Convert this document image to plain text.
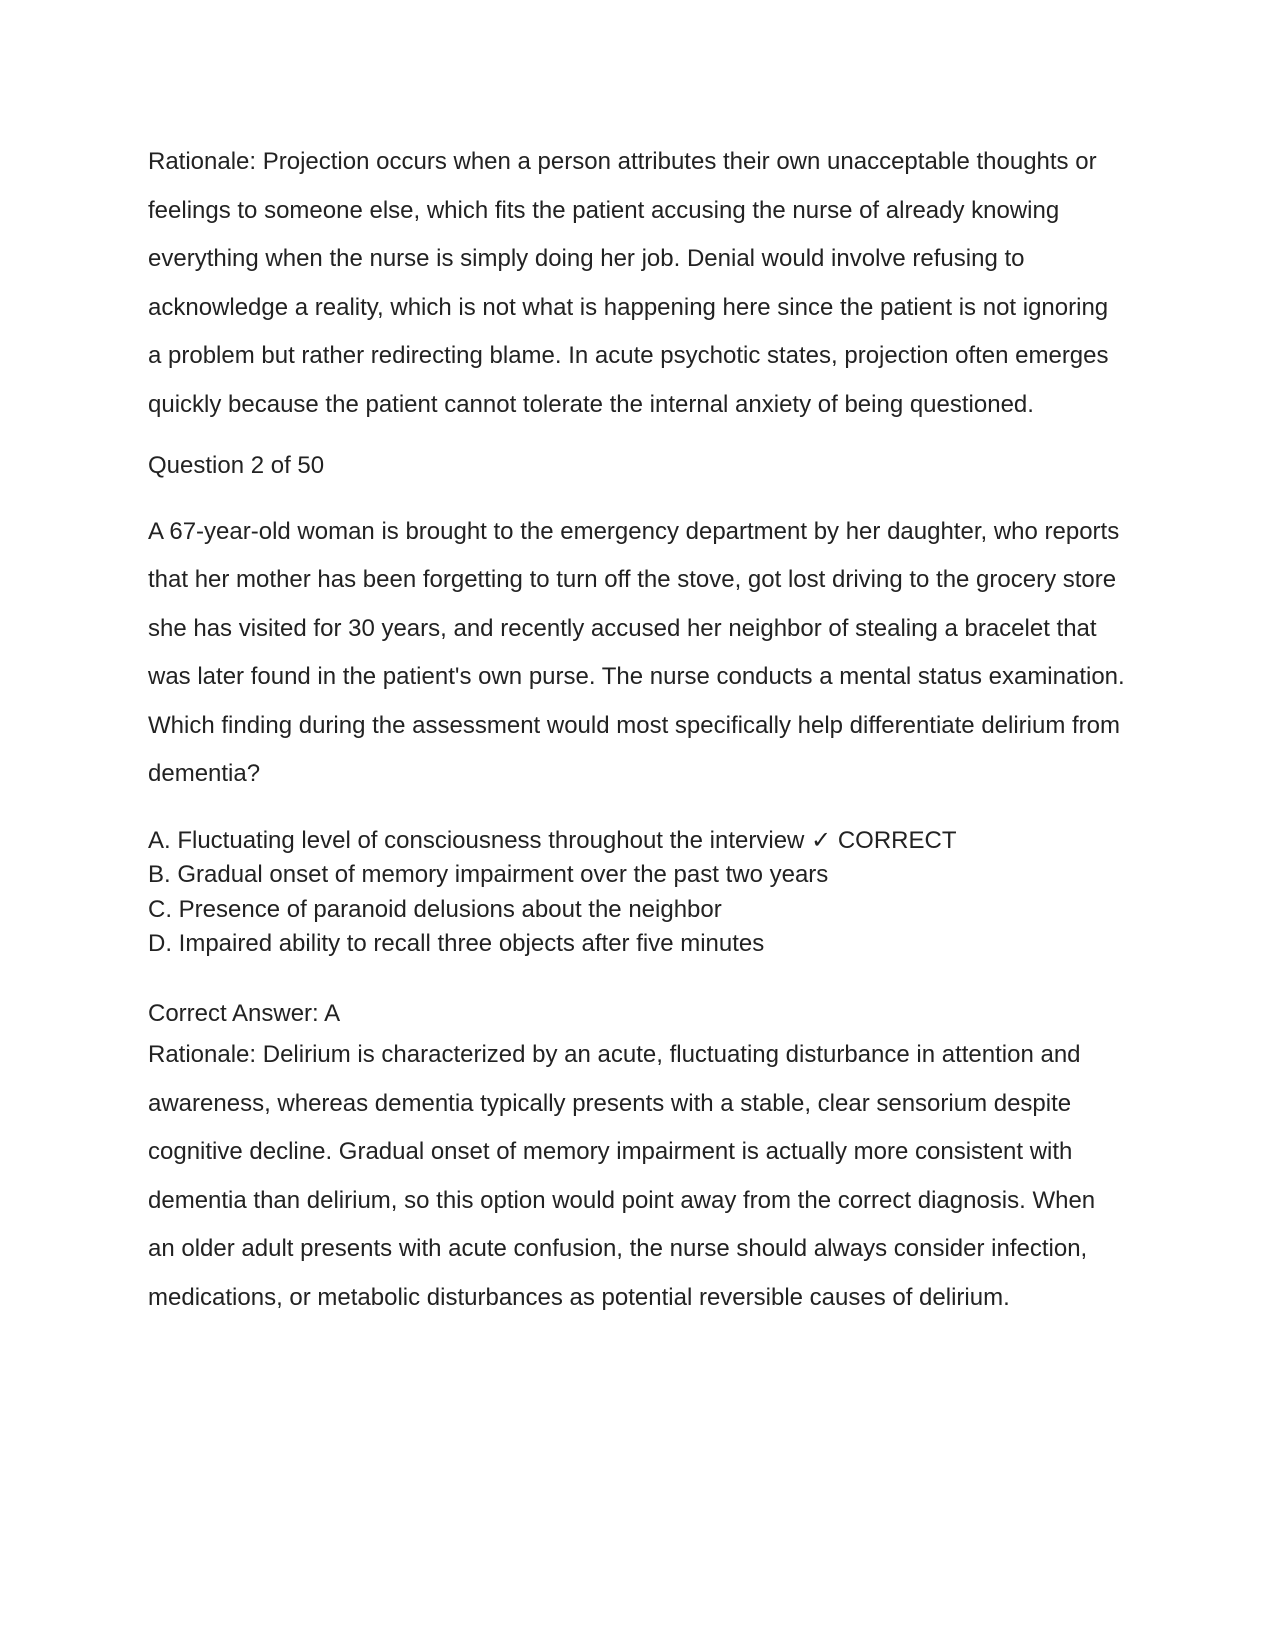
Rationale: Projection occurs when a person attributes their own unacceptable thoughts or feelings to someone else, which fits the patient accusing the nurse of already knowing everything when the nurse is simply doing her job. Denial would involve refusing to acknowledge a reality, which is not what is happening here since the patient is not ignoring a problem but rather redirecting blame. In acute psychotic states, projection often emerges quickly because the patient cannot tolerate the internal anxiety of being questioned.

Question 2 of 50

A 67-year-old woman is brought to the emergency department by her daughter, who reports that her mother has been forgetting to turn off the stove, got lost driving to the grocery store she has visited for 30 years, and recently accused her neighbor of stealing a bracelet that was later found in the patient's own purse. The nurse conducts a mental status examination. Which finding during the assessment would most specifically help differentiate delirium from dementia?

A. Fluctuating level of consciousness throughout the interview ✓ CORRECT
B. Gradual onset of memory impairment over the past two years
C. Presence of paranoid delusions about the neighbor
D. Impaired ability to recall three objects after five minutes

Correct Answer: A

Rationale: Delirium is characterized by an acute, fluctuating disturbance in attention and awareness, whereas dementia typically presents with a stable, clear sensorium despite cognitive decline. Gradual onset of memory impairment is actually more consistent with dementia than delirium, so this option would point away from the correct diagnosis. When an older adult presents with acute confusion, the nurse should always consider infection, medications, or metabolic disturbances as potential reversible causes of delirium.
